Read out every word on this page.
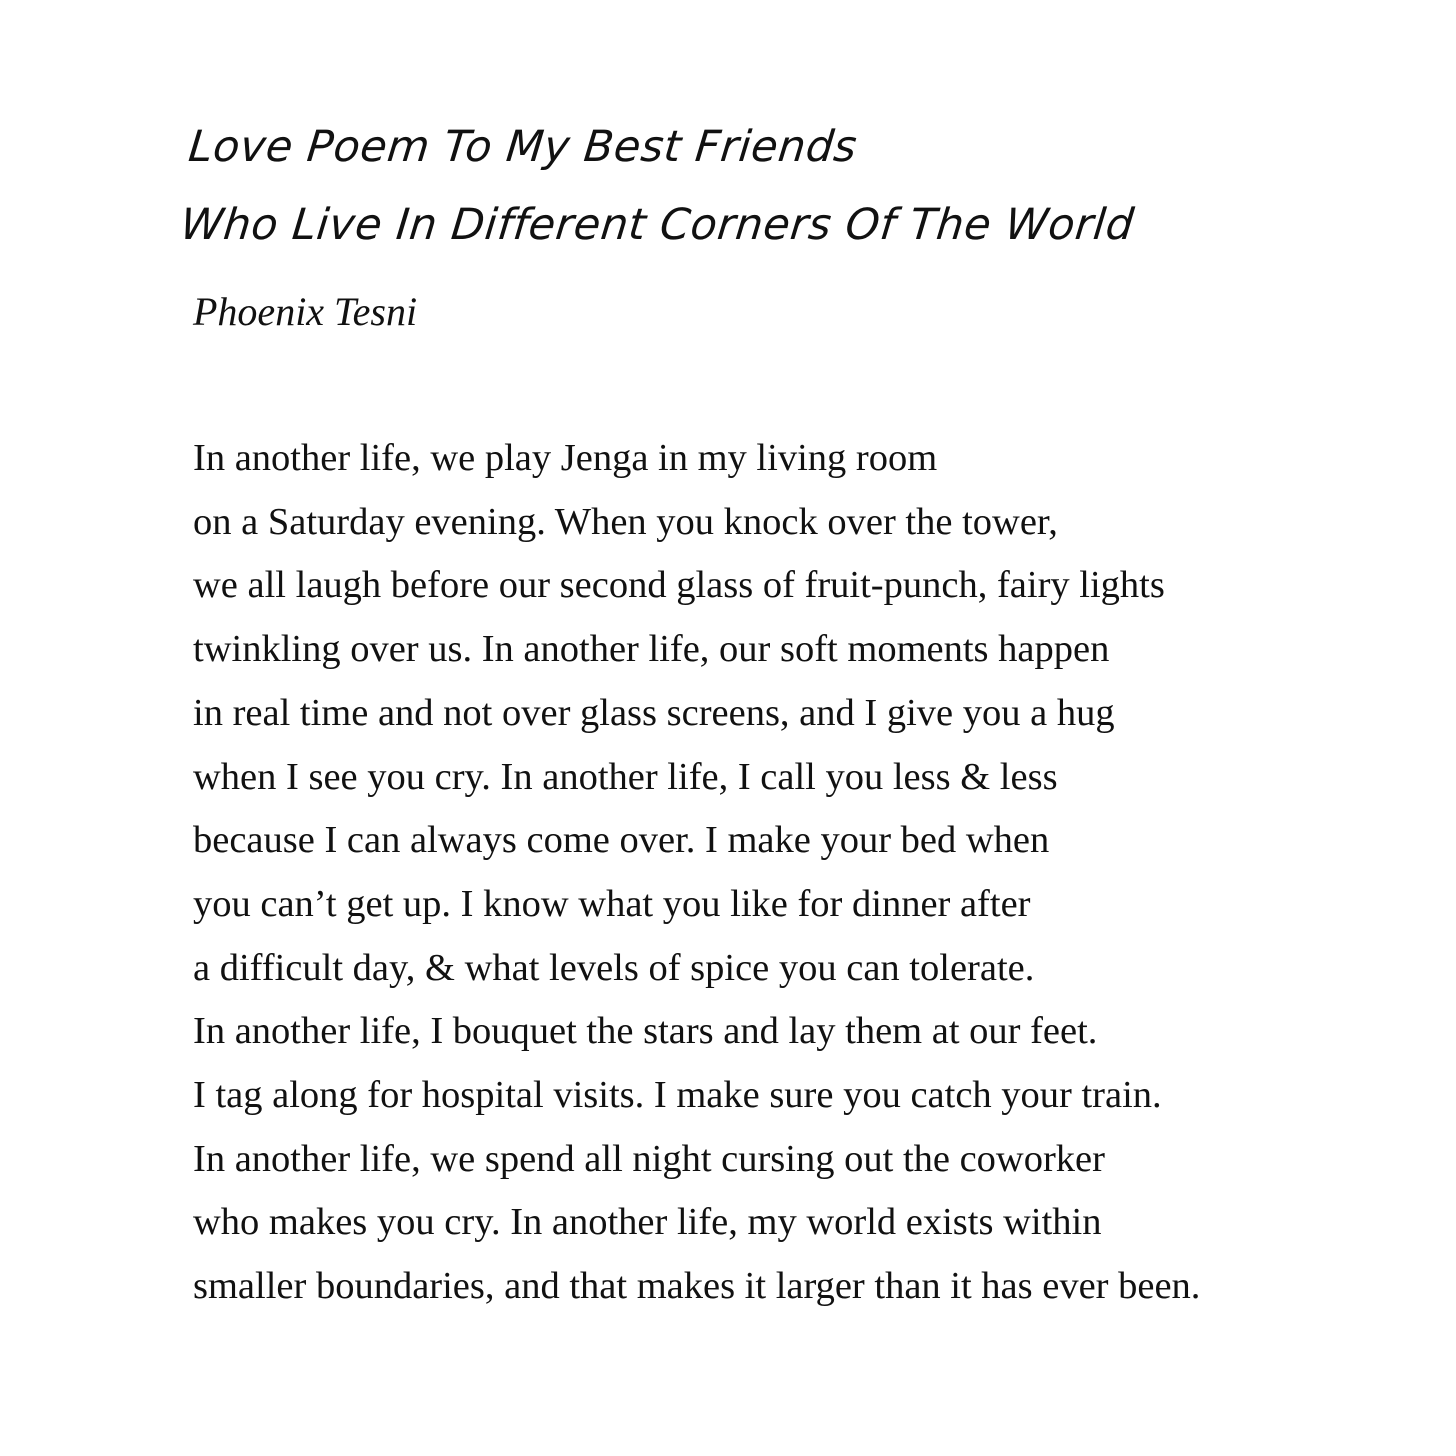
Love Poem To My Best Friends
Who Live In Different Corners Of The World

Phoenix Tesni

In another life, we play Jenga in my living room
on a Saturday evening. When you knock over the tower,
we all laugh before our second glass of fruit-punch, fairy lights
twinkling over us. In another life, our soft moments happen
in real time and not over glass screens, and I give you a hug
when I see you cry. In another life, I call you less & less
because I can always come over. I make your bed when
you can’t get up. I know what you like for dinner after
a difficult day, & what levels of spice you can tolerate.
In another life, I bouquet the stars and lay them at our feet.
I tag along for hospital visits. I make sure you catch your train.
In another life, we spend all night cursing out the coworker
who makes you cry. In another life, my world exists within
smaller boundaries, and that makes it larger than it has ever been.
